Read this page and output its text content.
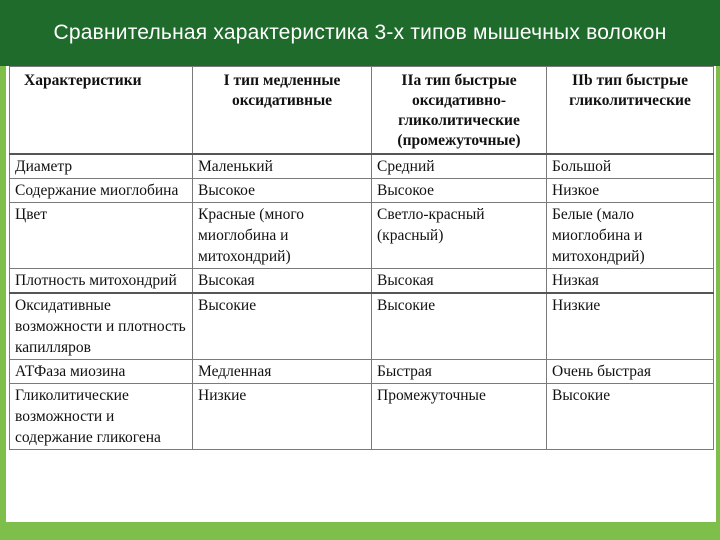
Сравнительная характеристика 3-х типов мышечных волокон
Характеристики	I тип медленные оксидативные	IIа тип быстрые оксидативно-гликолитические (промежуточные)	IIb тип быстрые гликолитические
Диаметр	Маленький	Средний	Большой
Содержание миоглобина	Высокое	Высокое	Низкое
Цвет	Красные (много миоглобина и митохондрий)	Светло-красный (красный)	Белые (мало миоглобина и митохондрий)
Плотность митохондрий	Высокая	Высокая	Низкая
Оксидативные возможности и плотность капилляров	Высокие	Высокие	Низкие
АТФаза миозина	Медленная	Быстрая	Очень быстрая
Гликолитические возможности и содержание гликогена	Низкие	Промежуточные	Высокие
